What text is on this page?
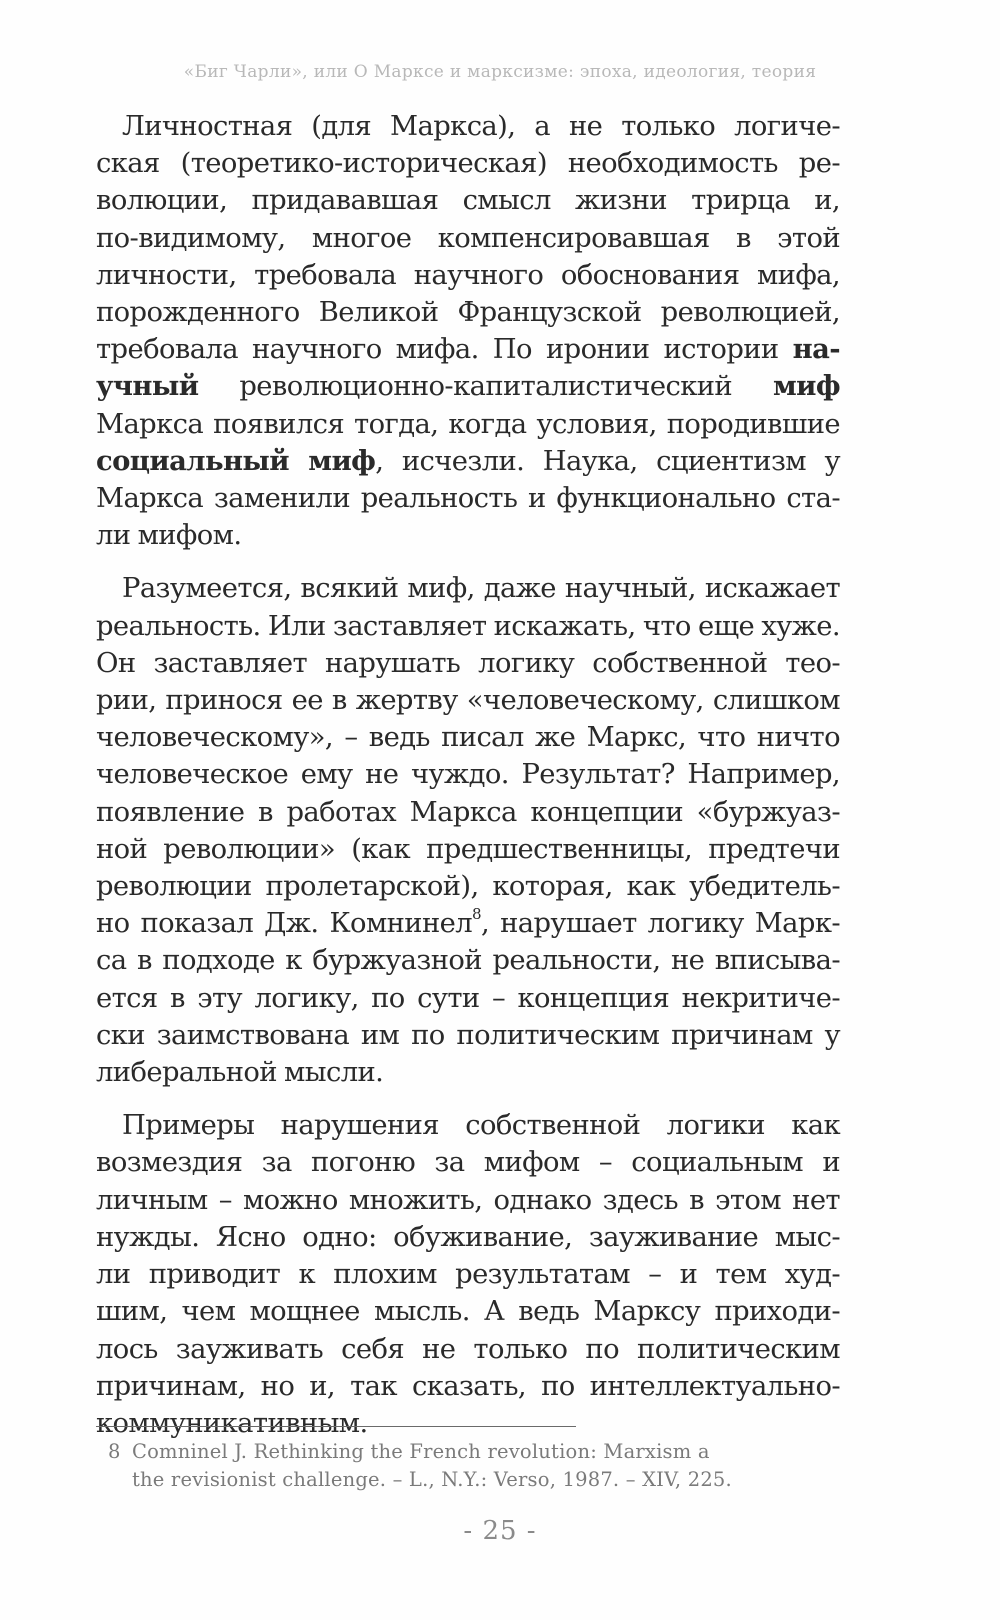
«Биг Чарли», или О Марксе и марксизме: эпоха, идеология, теория
Личностная (для Маркса), а не только логиче-
ская (теоретико-историческая) необходимость ре-
волюции, придававшая смысл жизни трирца и,
по-видимому, многое компенсировавшая в этой
личности, требовала научного обоснования мифа,
порожденного Великой Французской революцией,
требовала научного мифа. По иронии истории на-
учный революционно-капиталистический миф
Маркса появился тогда, когда условия, породившие
социальный миф, исчезли. Наука, сциентизм у
Маркса заменили реальность и функционально ста-
ли мифом.
Разумеется, всякий миф, даже научный, искажает
реальность. Или заставляет искажать, что еще хуже.
Он заставляет нарушать логику собственной тео-
рии, принося ее в жертву «человеческому, слишком
человеческому», – ведь писал же Маркс, что ничто
человеческое ему не чуждо. Результат? Например,
появление в работах Маркса концепции «буржуаз-
ной революции» (как предшественницы, предтечи
революции пролетарской), которая, как убедитель-
но показал Дж. Комнинел$^8$, нарушает логику Марк-
са в подходе к буржуазной реальности, не вписыва-
ется в эту логику, по сути – концепция некритиче-
ски заимствована им по политическим причинам у
либеральной мысли.
Примеры нарушения собственной логики как
возмездия за погоню за мифом – социальным и
личным – можно множить, однако здесь в этом нет
нужды. Ясно одно: обуживание, зауживание мыс-
ли приводит к плохим результатам – и тем худ-
шим, чем мощнее мысль. А ведь Марксу приходи-
лось зауживать себя не только по политическим
причинам, но и, так сказать, по интеллектуально-
коммуникативным.
8 Comninel J. Rethinking the French revolution: Marxism a
the revisionist challenge. – L., N.Y.: Verso, 1987. – XIV, 225.
- 25 -
